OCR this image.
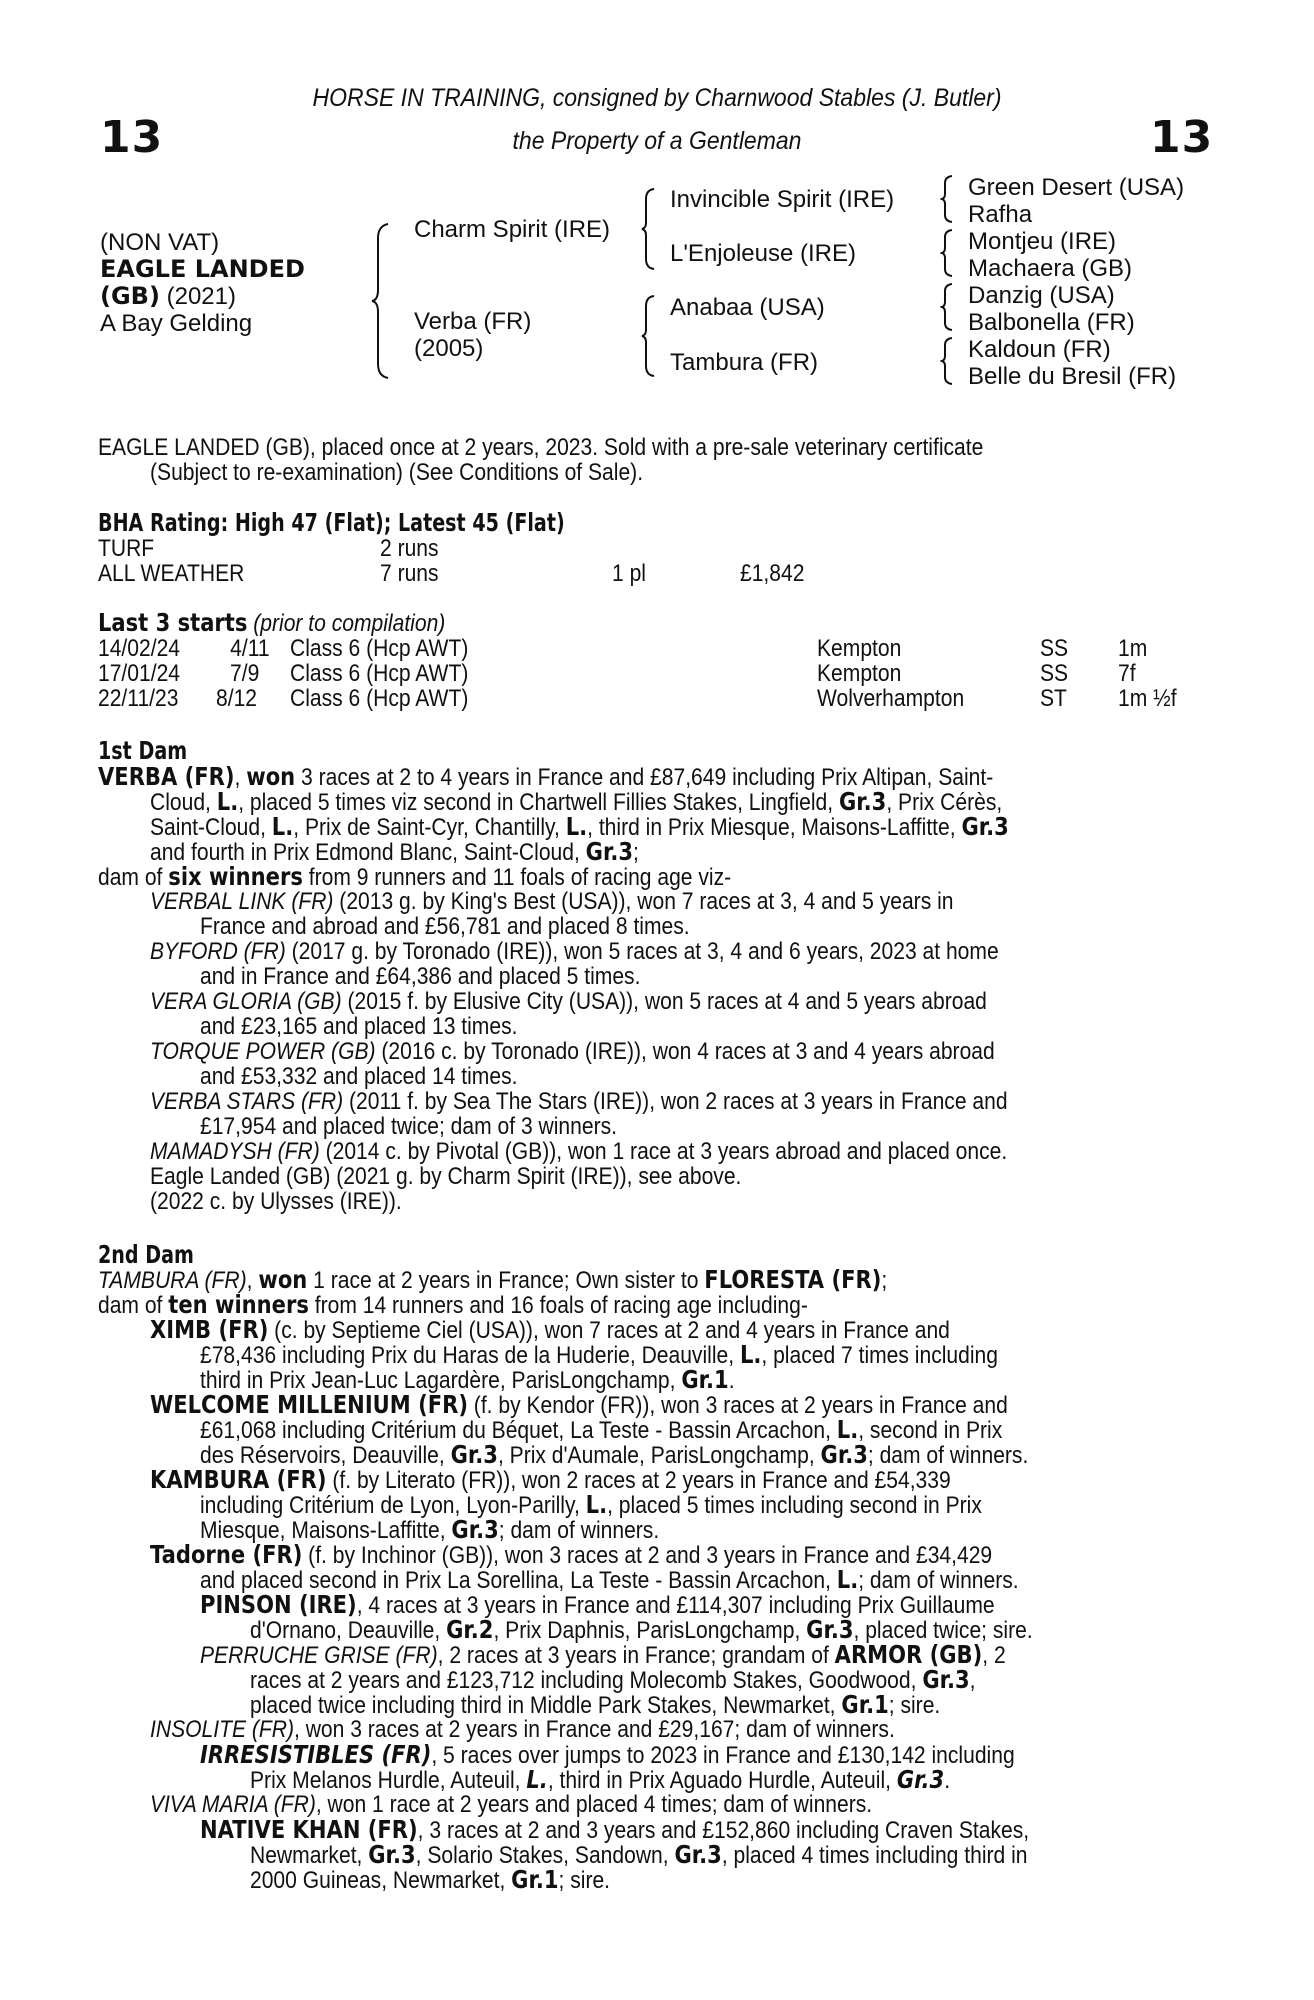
13	13
HORSE IN TRAINING, consigned by Charnwood Stables (J. Butler)
the Property of a Gentleman
(NON VAT)
EAGLE LANDED
(GB) (2021)
A Bay Gelding
Charm Spirit (IRE)
Verba (FR)
(2005)
Invincible Spirit (IRE)
L'Enjoleuse (IRE)
Anabaa (USA)
Tambura (FR)
Green Desert (USA)
Rafha
Montjeu (IRE)
Machaera (GB)
Danzig (USA)
Balbonella (FR)
Kaldoun (FR)
Belle du Bresil (FR)
EAGLE LANDED (GB), placed once at 2 years, 2023. Sold with a pre-sale veterinary certificate
(Subject to re-examination) (See Conditions of Sale).
BHA Rating: High 47 (Flat); Latest 45 (Flat)
TURF	2 runs
ALL WEATHER	7 runs	1 pl	£1,842
Last 3 starts (prior to compilation)
14/02/24	4/11 Class 6 (Hcp AWT)	Kempton	SS 1m
17/01/24 7/9 Class 6 (Hcp AWT)	Kempton	SS 7f
22/11/23 8/12 Class 6 (Hcp AWT)	Wolverhampton	ST 1m ½f
1st Dam
VERBA (FR), won 3 races at 2 to 4 years in France and £87,649 including Prix Altipan, Saint-
Cloud, L., placed 5 times viz second in Chartwell Fillies Stakes, Lingfield, Gr.3, Prix Cérès,
Saint-Cloud, L., Prix de Saint-Cyr, Chantilly, L., third in Prix Miesque, Maisons-Laffitte, Gr.3
and fourth in Prix Edmond Blanc, Saint-Cloud, Gr.3;
dam of six winners from 9 runners and 11 foals of racing age viz-
VERBAL LINK (FR) (2013 g. by King's Best (USA)), won 7 races at 3, 4 and 5 years in
France and abroad and £56,781 and placed 8 times.
BYFORD (FR) (2017 g. by Toronado (IRE)), won 5 races at 3, 4 and 6 years, 2023 at home
and in France and £64,386 and placed 5 times.
VERA GLORIA (GB) (2015 f. by Elusive City (USA)), won 5 races at 4 and 5 years abroad
and £23,165 and placed 13 times.
TORQUE POWER (GB) (2016 c. by Toronado (IRE)), won 4 races at 3 and 4 years abroad
and £53,332 and placed 14 times.
VERBA STARS (FR) (2011 f. by Sea The Stars (IRE)), won 2 races at 3 years in France and
£17,954 and placed twice; dam of 3 winners.
MAMADYSH (FR) (2014 c. by Pivotal (GB)), won 1 race at 3 years abroad and placed once.
Eagle Landed (GB) (2021 g. by Charm Spirit (IRE)), see above.
(2022 c. by Ulysses (IRE)).
2nd Dam
TAMBURA (FR), won 1 race at 2 years in France; Own sister to FLORESTA (FR);
dam of ten winners from 14 runners and 16 foals of racing age including-
XIMB (FR) (c. by Septieme Ciel (USA)), won 7 races at 2 and 4 years in France and
£78,436 including Prix du Haras de la Huderie, Deauville, L., placed 7 times including
third in Prix Jean-Luc Lagardère, ParisLongchamp, Gr.1.
WELCOME MILLENIUM (FR) (f. by Kendor (FR)), won 3 races at 2 years in France and
£61,068 including Critérium du Béquet, La Teste - Bassin Arcachon, L., second in Prix
des Réservoirs, Deauville, Gr.3, Prix d'Aumale, ParisLongchamp, Gr.3; dam of winners.
KAMBURA (FR) (f. by Literato (FR)), won 2 races at 2 years in France and £54,339
including Critérium de Lyon, Lyon-Parilly, L., placed 5 times including second in Prix
Miesque, Maisons-Laffitte, Gr.3; dam of winners.
Tadorne (FR) (f. by Inchinor (GB)), won 3 races at 2 and 3 years in France and £34,429
and placed second in Prix La Sorellina, La Teste - Bassin Arcachon, L.; dam of winners.
PINSON (IRE), 4 races at 3 years in France and £114,307 including Prix Guillaume
d'Ornano, Deauville, Gr.2, Prix Daphnis, ParisLongchamp, Gr.3, placed twice; sire.
PERRUCHE GRISE (FR), 2 races at 3 years in France; grandam of ARMOR (GB), 2
races at 2 years and £123,712 including Molecomb Stakes, Goodwood, Gr.3,
placed twice including third in Middle Park Stakes, Newmarket, Gr.1; sire.
INSOLITE (FR), won 3 races at 2 years in France and £29,167; dam of winners.
IRRESISTIBLES (FR), 5 races over jumps to 2023 in France and £130,142 including
Prix Melanos Hurdle, Auteuil, L., third in Prix Aguado Hurdle, Auteuil, Gr.3.
VIVA MARIA (FR), won 1 race at 2 years and placed 4 times; dam of winners.
NATIVE KHAN (FR), 3 races at 2 and 3 years and £152,860 including Craven Stakes,
Newmarket, Gr.3, Solario Stakes, Sandown, Gr.3, placed 4 times including third in
2000 Guineas, Newmarket, Gr.1; sire.
